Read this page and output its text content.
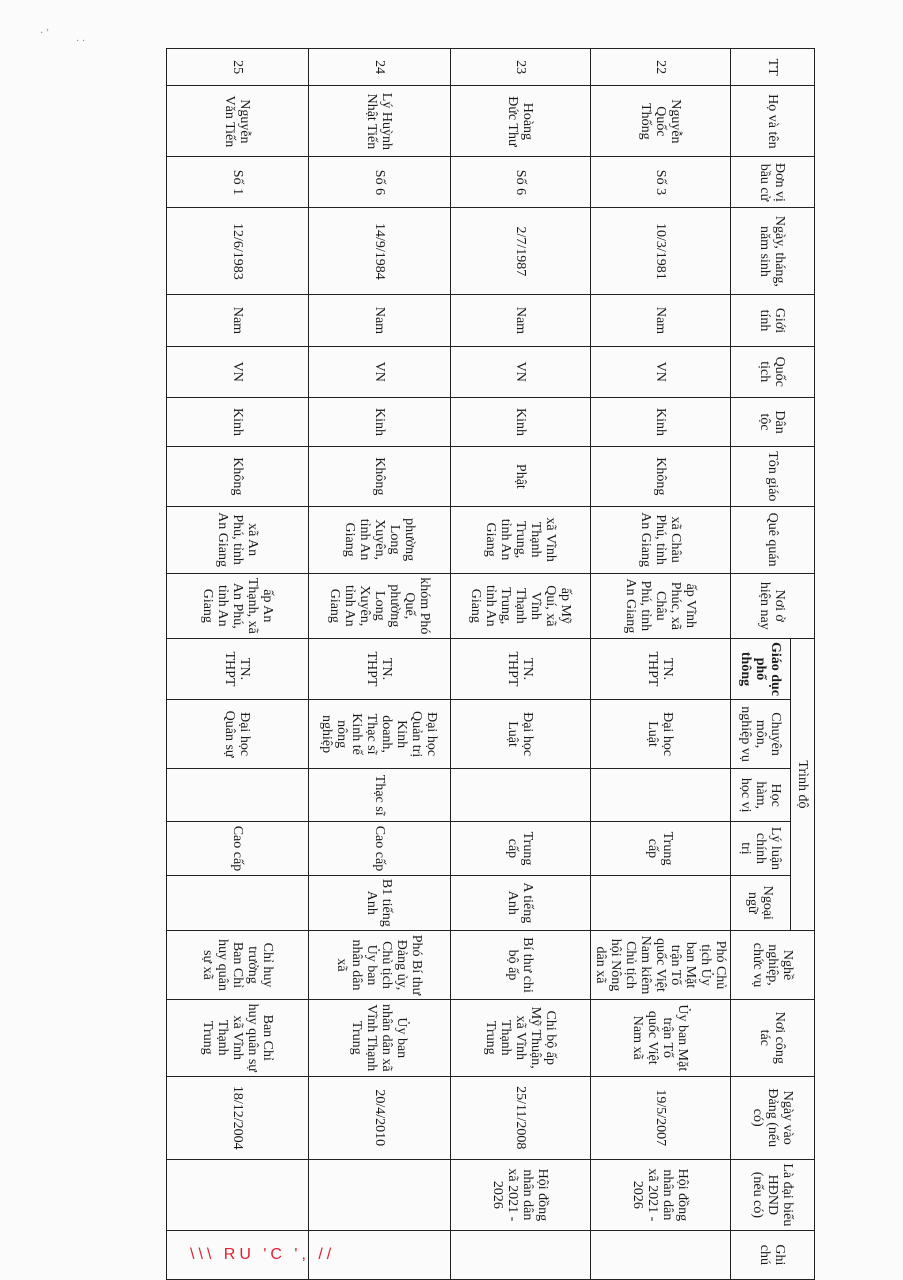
TT	Họ và tên	Đơn vị bầu cử	Ngày, tháng, năm sinh	Giới tính	Quốc tịch	Dân tộc	Tôn giáo	Quê quán	Nơi ở hiện nay	Trình độ					Nghề nghiệp, chức vụ	Nơi công tác	Ngày vào Đảng (nếu có)	Là đại biểu HĐND (nếu có)	Ghi chú
										Giáo dục phổ thông	Chuyên môn, nghiệp vụ	Học hàm, học vị	Lý luận chính trị	Ngoại ngữ					
22	Nguyễn Quốc Thống	Số 3	10/3/1981	Nam	VN	Kinh	Không	xã Châu Phú, tỉnh An Giang	ấp Vĩnh Phúc, xã Châu Phú, tỉnh An Giang	TN. THPT	Đại học Luật		Trung cấp		Phó Chủ tịch Ủy ban Mặt trận Tổ quốc Việt Nam kiêm Chủ tịch hội Nông dân xã	Ủy ban Mặt trận Tổ quốc Việt Nam xã	19/5/2007	Hội đồng nhân dân xã 2021 - 2026	
23	Hoàng Đức Thư	Số 6	2/7/1987	Nam	VN	Kinh	Phật	xã Vĩnh Thạnh Trung, tỉnh An Giang	ấp Mỹ Quí, xã Vĩnh Thạnh Trung, tỉnh An Giang	TN. THPT	Đại học Luật		Trung cấp	A tiếng Anh	Bí thư chi bộ ấp	Chi bộ ấp Mỹ Thuận, xã Vĩnh Thạnh Trung	25/11/2008	Hội đồng nhân dân xã 2021 - 2026	
24	Lý Huỳnh Nhật Tiến	Số 6	14/9/1984	Nam	VN	Kinh	Không	phường Long Xuyên, tỉnh An Giang	khóm Phó Quế, phường Long Xuyên, tỉnh An Giang	TN. THPT	Đại học Quản trị Kinh doanh, Thạc sĩ Kinh tế nông nghiệp	Thạc sĩ	Cao cấp	B1 tiếng Anh	Phó Bí thư Đảng ủy, Chủ tịch Ủy ban nhân dân xã	Ủy ban nhân dân xã Vĩnh Thạnh Trung	20/4/2010		
25	Nguyễn Văn Tiến	Số 1	12/6/1983	Nam	VN	Kinh	Không	xã An Phú, tỉnh An Giang	ấp An Thạnh, xã An Phú, tỉnh An Giang	TN. THPT	Đại học Quân sự		Cao cấp		Chỉ huy trưởng Ban Chỉ huy quân sự xã	Ban Chỉ huy quân sự xã Vĩnh Thạnh Trung	18/12/2004		
\\\ RU 'C ', //
· ’
· ·
